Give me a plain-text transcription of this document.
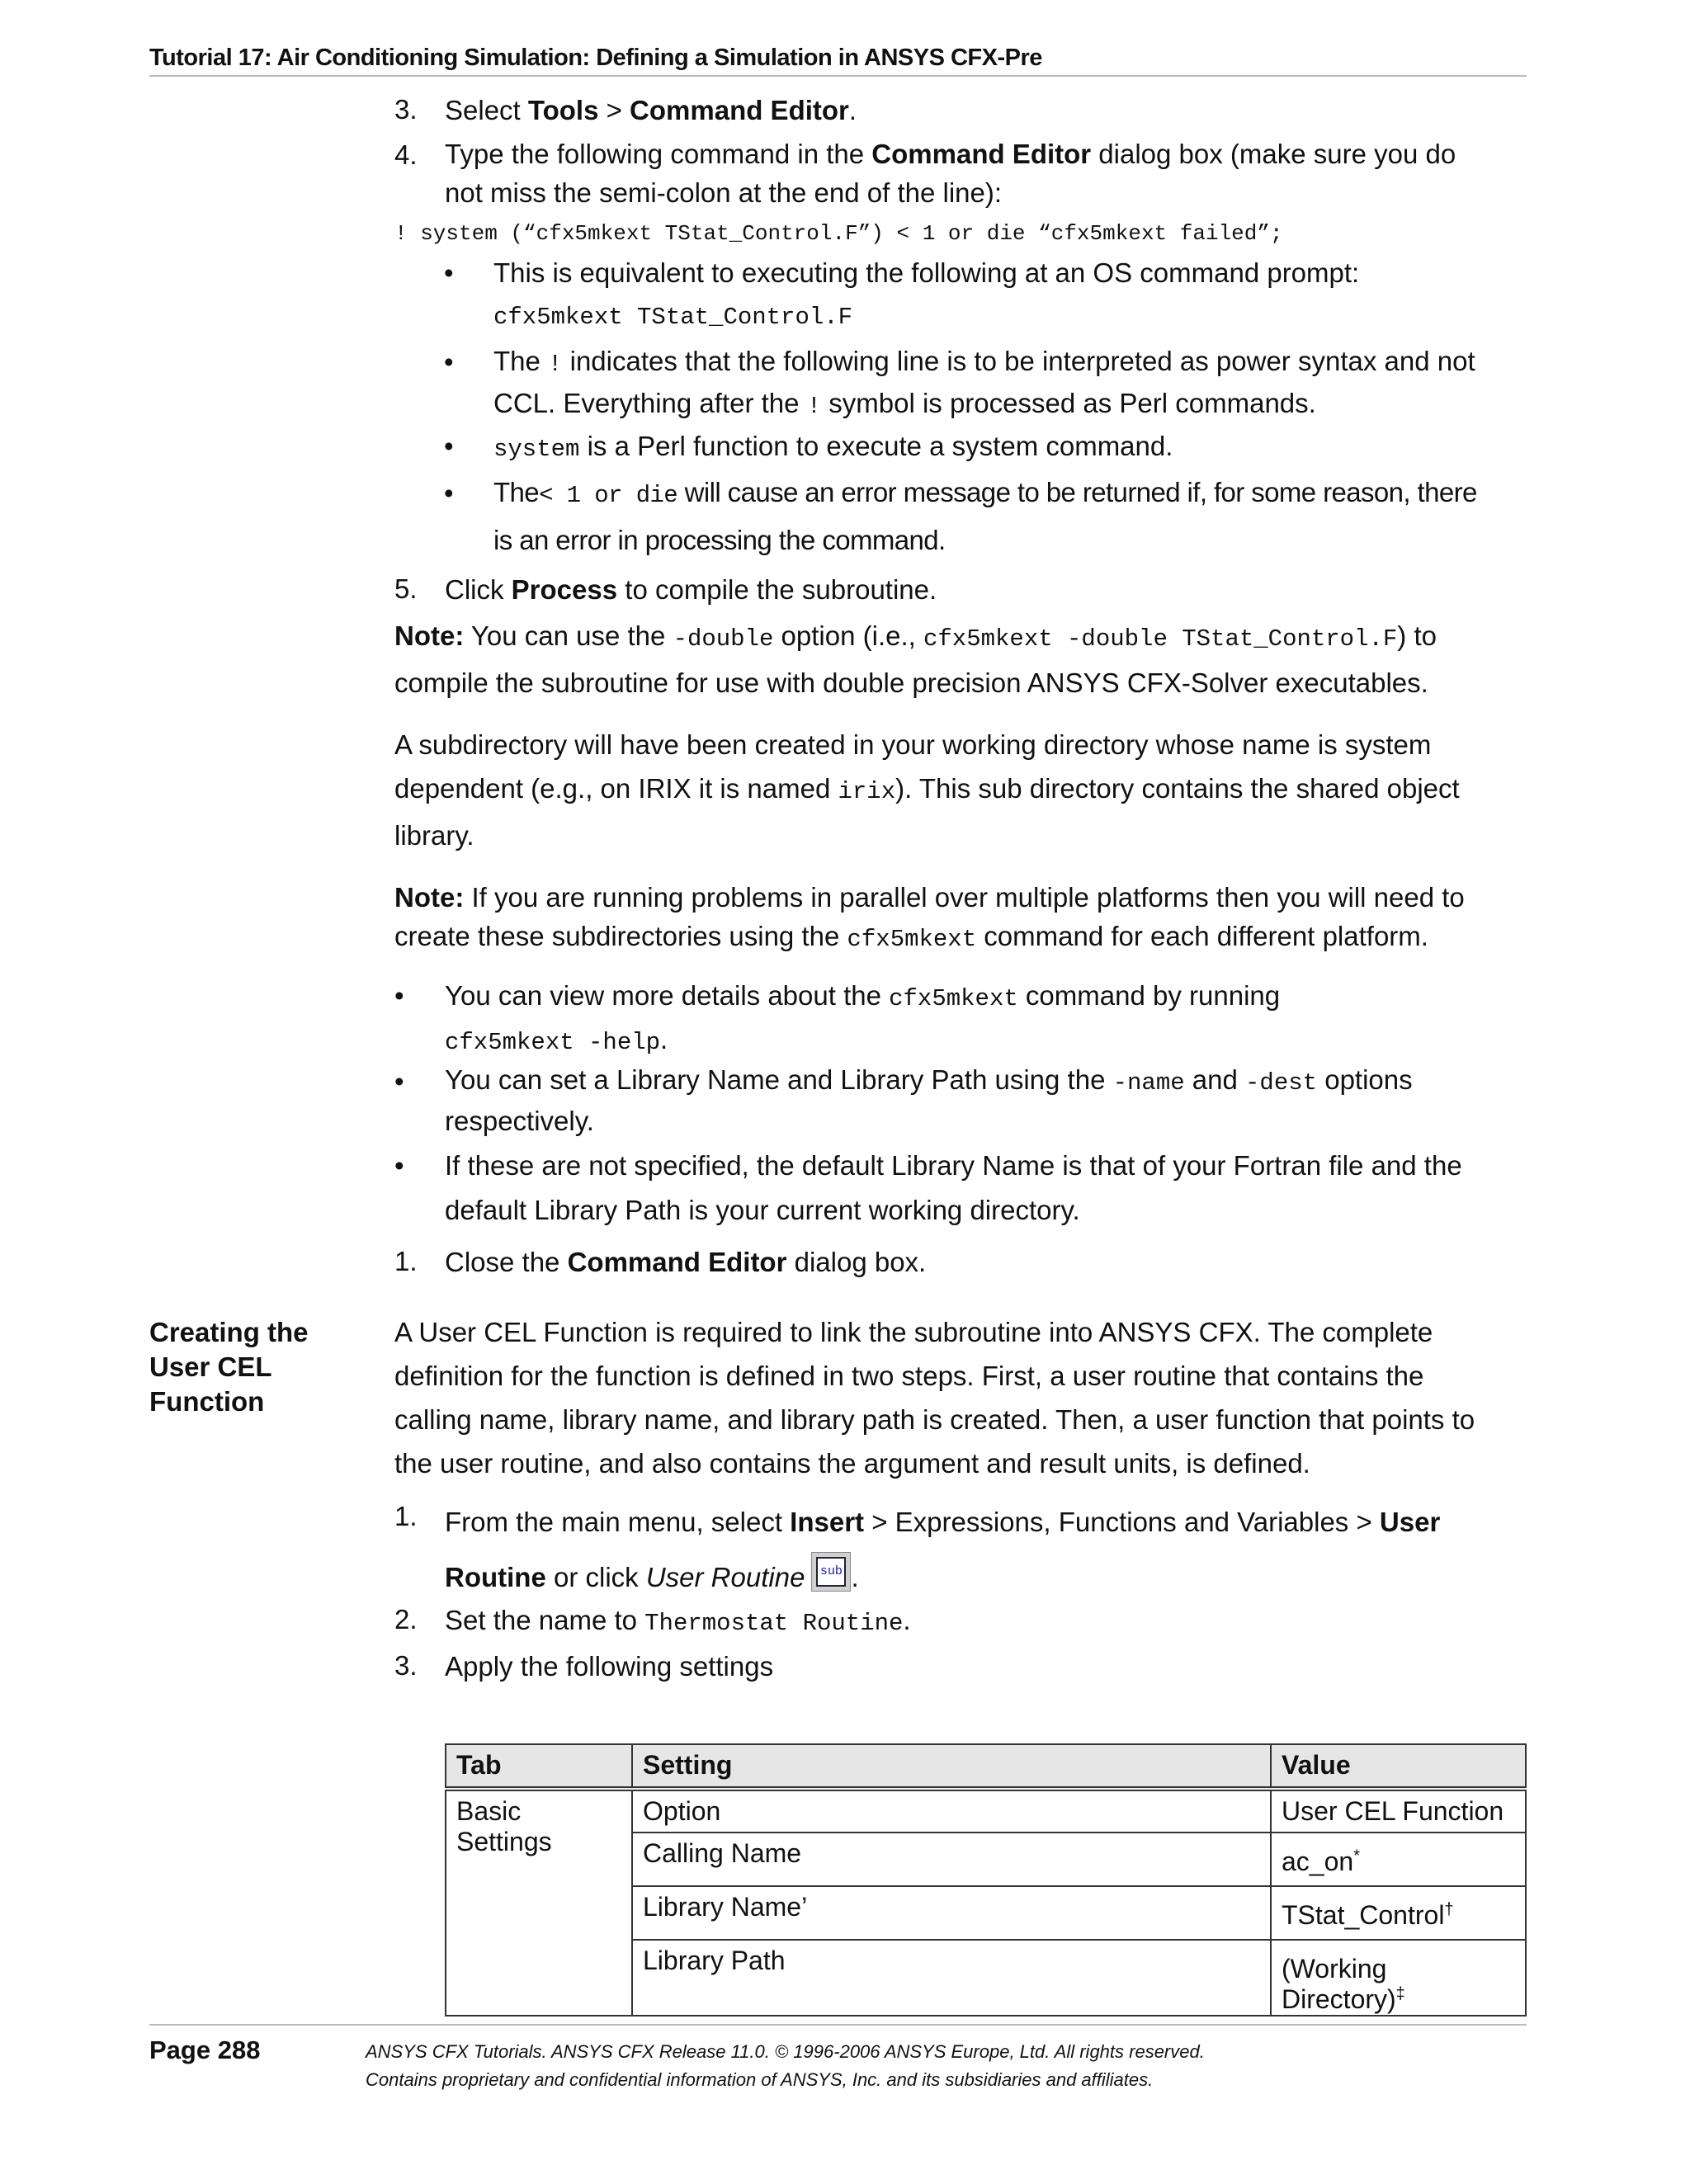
Tutorial 17: Air Conditioning Simulation: Defining a Simulation in ANSYS CFX-Pre
3. Select Tools > Command Editor.
4. Type the following command in the Command Editor dialog box (make sure you do
not miss the semi-colon at the end of the line):
! system (“cfx5mkext TStat_Control.F”) < 1 or die “cfx5mkext failed”;
• This is equivalent to executing the following at an OS command prompt:
cfx5mkext TStat_Control.F
• The ! indicates that the following line is to be interpreted as power syntax and not
CCL. Everything after the ! symbol is processed as Perl commands.
• system is a Perl function to execute a system command.
• The< 1 or die will cause an error message to be returned if, for some reason, there
is an error in processing the command.
5. Click Process to compile the subroutine.
Note: You can use the -double option (i.e., cfx5mkext -double TStat_Control.F) to
compile the subroutine for use with double precision ANSYS CFX-Solver executables.
A subdirectory will have been created in your working directory whose name is system
dependent (e.g., on IRIX it is named irix). This sub directory contains the shared object
library.
Note: If you are running problems in parallel over multiple platforms then you will need to
create these subdirectories using the cfx5mkext command for each different platform.
• You can view more details about the cfx5mkext command by running
cfx5mkext -help.
• You can set a Library Name and Library Path using the -name and -dest options
respectively.
• If these are not specified, the default Library Name is that of your Fortran file and the
default Library Path is your current working directory.
1. Close the Command Editor dialog box.
Creating the
User CEL
Function
A User CEL Function is required to link the subroutine into ANSYS CFX. The complete
definition for the function is defined in two steps. First, a user routine that contains the
calling name, library name, and library path is created. Then, a user function that points to
the user routine, and also contains the argument and result units, is defined.
1. From the main menu, select Insert > Expressions, Functions and Variables > User
Routine or click User Routine sub .
2. Set the name to Thermostat Routine.
3. Apply the following settings
Tab	Setting	Value
Basic Settings	Option	User CEL Function
	Calling Name	ac_on*
	Library Name’	TStat_Control†
	Library Path	(Working Directory)‡
Page 288	ANSYS CFX Tutorials. ANSYS CFX Release 11.0. © 1996-2006 ANSYS Europe, Ltd. All rights reserved.
Contains proprietary and confidential information of ANSYS, Inc. and its subsidiaries and affiliates.
